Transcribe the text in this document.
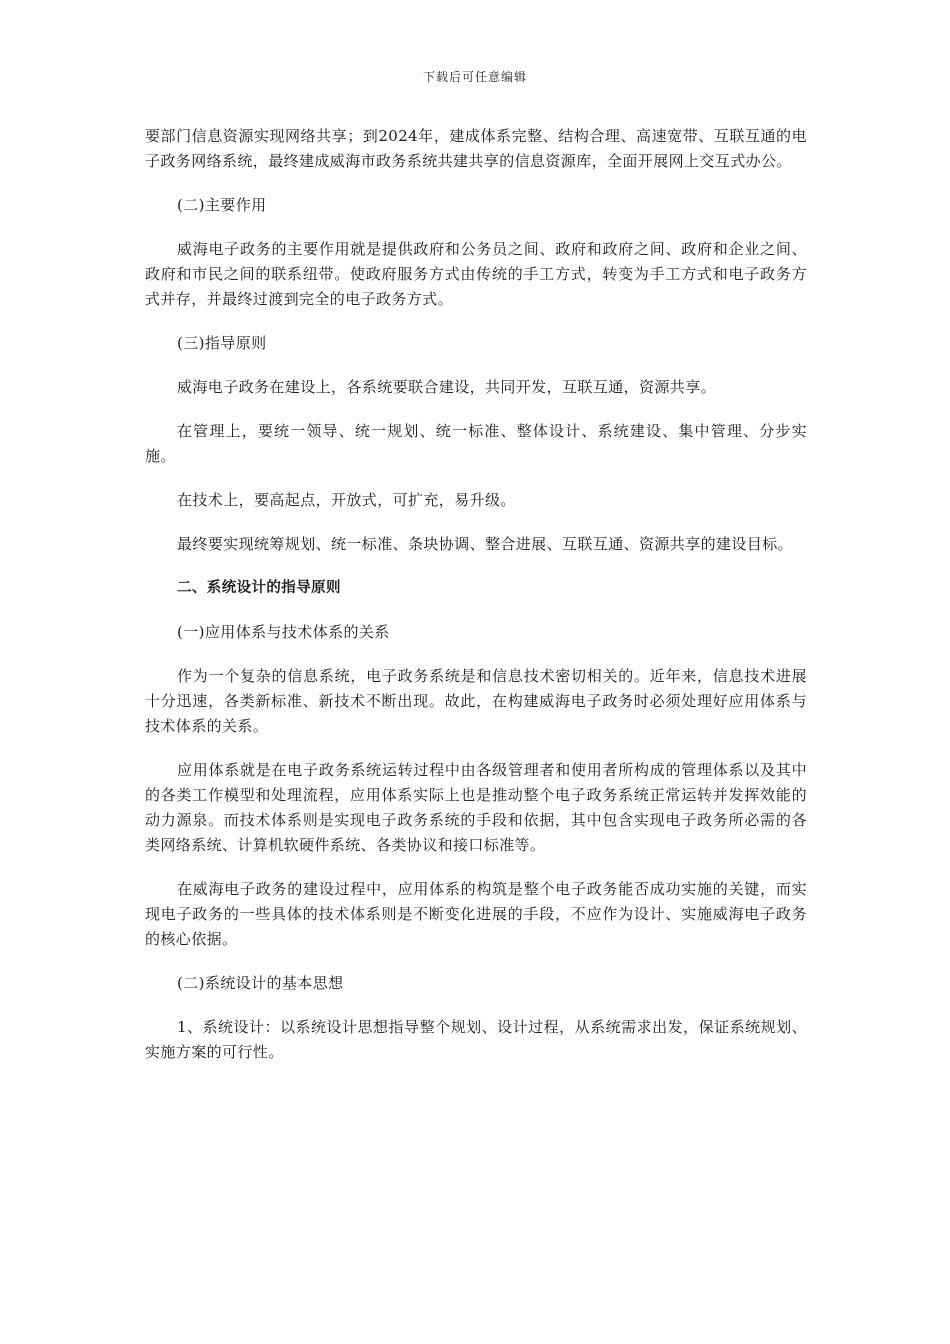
下载后可任意编辑

要部门信息资源实现网络共享；到2024年，建成体系完整、结构合理、高速宽带、互联互通的电子政务网络系统，最终建成威海市政务系统共建共享的信息资源库，全面开展网上交互式办公。

(二)主要作用

威海电子政务的主要作用就是提供政府和公务员之间、政府和政府之间、政府和企业之间、政府和市民之间的联系纽带。使政府服务方式由传统的手工方式，转变为手工方式和电子政务方式并存，并最终过渡到完全的电子政务方式。

(三)指导原则

威海电子政务在建设上，各系统要联合建设，共同开发，互联互通，资源共享。

在管理上，要统一领导、统一规划、统一标准、整体设计、系统建设、集中管理、分步实施。

在技术上，要高起点，开放式，可扩充，易升级。

最终要实现统筹规划、统一标准、条块协调、整合进展、互联互通、资源共享的建设目标。

二、系统设计的指导原则

(一)应用体系与技术体系的关系

作为一个复杂的信息系统，电子政务系统是和信息技术密切相关的。近年来，信息技术进展十分迅速，各类新标准、新技术不断出现。故此，在构建威海电子政务时必须处理好应用体系与技术体系的关系。

应用体系就是在电子政务系统运转过程中由各级管理者和使用者所构成的管理体系以及其中的各类工作模型和处理流程，应用体系实际上也是推动整个电子政务系统正常运转并发挥效能的动力源泉。而技术体系则是实现电子政务系统的手段和依据，其中包含实现电子政务所必需的各类网络系统、计算机软硬件系统、各类协议和接口标准等。

在威海电子政务的建设过程中，应用体系的构筑是整个电子政务能否成功实施的关键，而实现电子政务的一些具体的技术体系则是不断变化进展的手段，不应作为设计、实施威海电子政务的核心依据。

(二)系统设计的基本思想

1、系统设计：以系统设计思想指导整个规划、设计过程，从系统需求出发，保证系统规划、实施方案的可行性。
